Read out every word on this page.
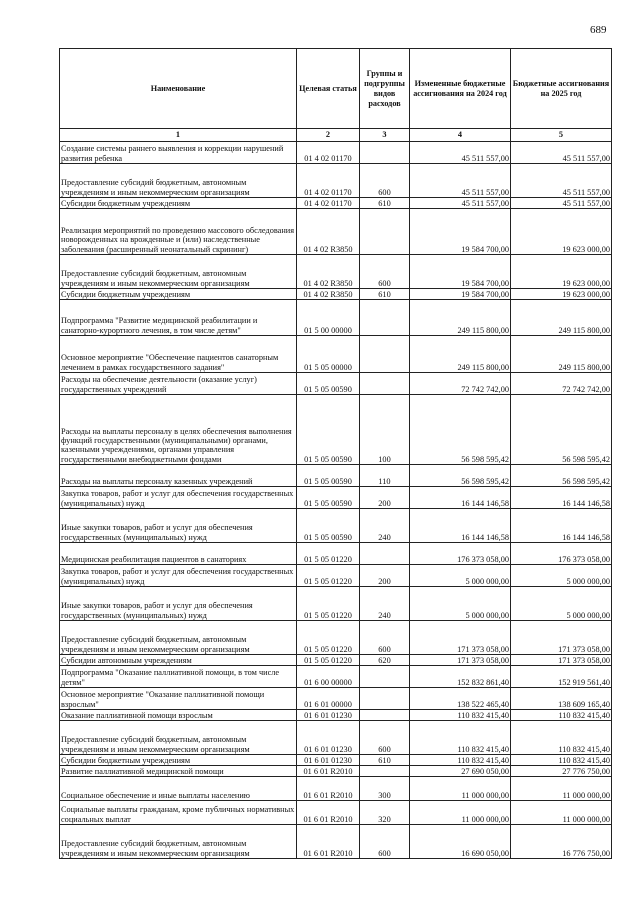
689
Наименование	Целевая статья	Группы и подгруппы видов расходов	Измененные бюджетные ассигнования на 2024 год	Бюджетные ассигнования на 2025 год
1	2	3	4	5
Создание системы раннего выявления и коррекции нарушений развития ребенка	01 4 02 01170		45 511 557,00	45 511 557,00
Предоставление субсидий бюджетным, автономным учреждениям и иным некоммерческим организациям	01 4 02 01170	600	45 511 557,00	45 511 557,00
Субсидии бюджетным учреждениям	01 4 02 01170	610	45 511 557,00	45 511 557,00
Реализация мероприятий по проведению массового обследования новорожденных на врожденные и (или) наследственные заболевания (расширенный неонатальный скрининг)	01 4 02 R3850		19 584 700,00	19 623 000,00
Предоставление субсидий бюджетным, автономным учреждениям и иным некоммерческим организациям	01 4 02 R3850	600	19 584 700,00	19 623 000,00
Субсидии бюджетным учреждениям	01 4 02 R3850	610	19 584 700,00	19 623 000,00
Подпрограмма "Развитие медицинской реабилитации и санаторно-курортного лечения, в том числе детям"	01 5 00 00000		249 115 800,00	249 115 800,00
Основное мероприятие "Обеспечение пациентов санаторным лечением в рамках государственного задания"	01 5 05 00000		249 115 800,00	249 115 800,00
Расходы на обеспечение деятельности (оказание услуг) государственных учреждений	01 5 05 00590		72 742 742,00	72 742 742,00
Расходы на выплаты персоналу в целях обеспечения выполнения функций государственными (муниципальными) органами, казенными учреждениями, органами управления государственными внебюджетными фондами	01 5 05 00590	100	56 598 595,42	56 598 595,42
Расходы на выплаты персоналу казенных учреждений	01 5 05 00590	110	56 598 595,42	56 598 595,42
Закупка товаров, работ и услуг для обеспечения государственных (муниципальных) нужд	01 5 05 00590	200	16 144 146,58	16 144 146,58
Иные закупки товаров, работ и услуг для обеспечения государственных (муниципальных) нужд	01 5 05 00590	240	16 144 146,58	16 144 146,58
Медицинская реабилитация пациентов в санаториях	01 5 05 01220		176 373 058,00	176 373 058,00
Закупка товаров, работ и услуг для обеспечения государственных (муниципальных) нужд	01 5 05 01220	200	5 000 000,00	5 000 000,00
Иные закупки товаров, работ и услуг для обеспечения государственных (муниципальных) нужд	01 5 05 01220	240	5 000 000,00	5 000 000,00
Предоставление субсидий бюджетным, автономным учреждениям и иным некоммерческим организациям	01 5 05 01220	600	171 373 058,00	171 373 058,00
Субсидии автономным учреждениям	01 5 05 01220	620	171 373 058,00	171 373 058,00
Подпрограмма "Оказание паллиативной помощи, в том числе детям"	01 6 00 00000		152 832 861,40	152 919 561,40
Основное мероприятие "Оказание паллиативной помощи взрослым"	01 6 01 00000		138 522 465,40	138 609 165,40
Оказание паллиативной помощи взрослым	01 6 01 01230		110 832 415,40	110 832 415,40
Предоставление субсидий бюджетным, автономным учреждениям и иным некоммерческим организациям	01 6 01 01230	600	110 832 415,40	110 832 415,40
Субсидии бюджетным учреждениям	01 6 01 01230	610	110 832 415,40	110 832 415,40
Развитие паллиативной медицинской помощи	01 6 01 R2010		27 690 050,00	27 776 750,00
Социальное обеспечение и иные выплаты населению	01 6 01 R2010	300	11 000 000,00	11 000 000,00
Социальные выплаты гражданам, кроме публичных нормативных социальных выплат	01 6 01 R2010	320	11 000 000,00	11 000 000,00
Предоставление субсидий бюджетным, автономным учреждениям и иным некоммерческим организациям	01 6 01 R2010	600	16 690 050,00	16 776 750,00
